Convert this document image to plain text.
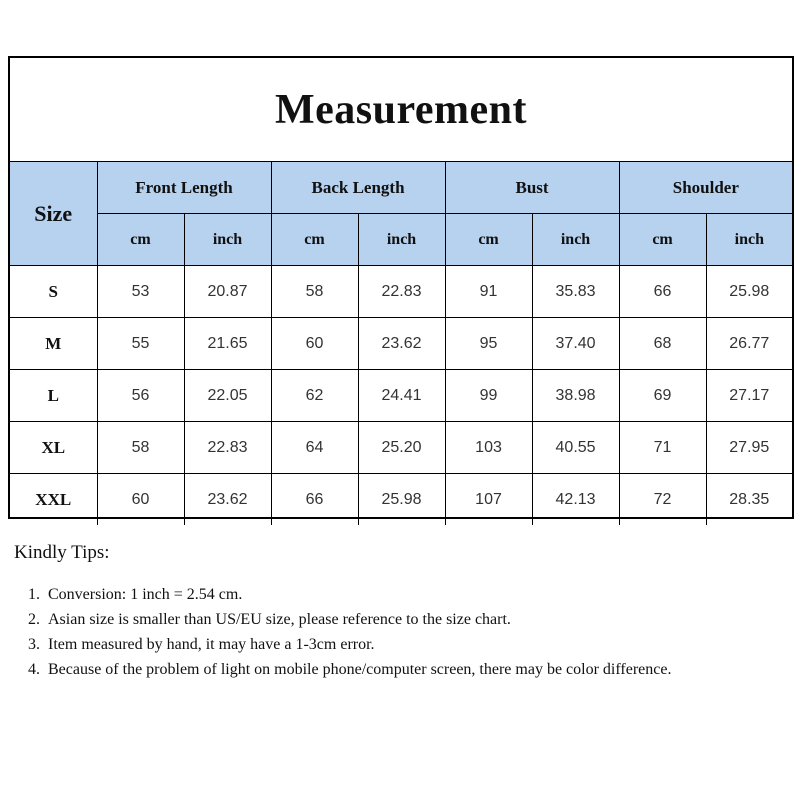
Measurement
Size	Front Length		Back Length		Bust		Shoulder	
	cm	inch	cm	inch	cm	inch	cm	inch
S	53	20.87	58	22.83	91	35.83	66	25.98
M	55	21.65	60	23.62	95	37.40	68	26.77
L	56	22.05	62	24.41	99	38.98	69	27.17
XL	58	22.83	64	25.20	103	40.55	71	27.95
XXL	60	23.62	66	25.98	107	42.13	72	28.35
Kindly Tips:
1. Conversion: 1 inch = 2.54 cm.
2. Asian size is smaller than US/EU size, please reference to the size chart.
3. Item measured by hand, it may have a 1-3cm error.
4. Because of the problem of light on mobile phone/computer screen, there may be color difference.
